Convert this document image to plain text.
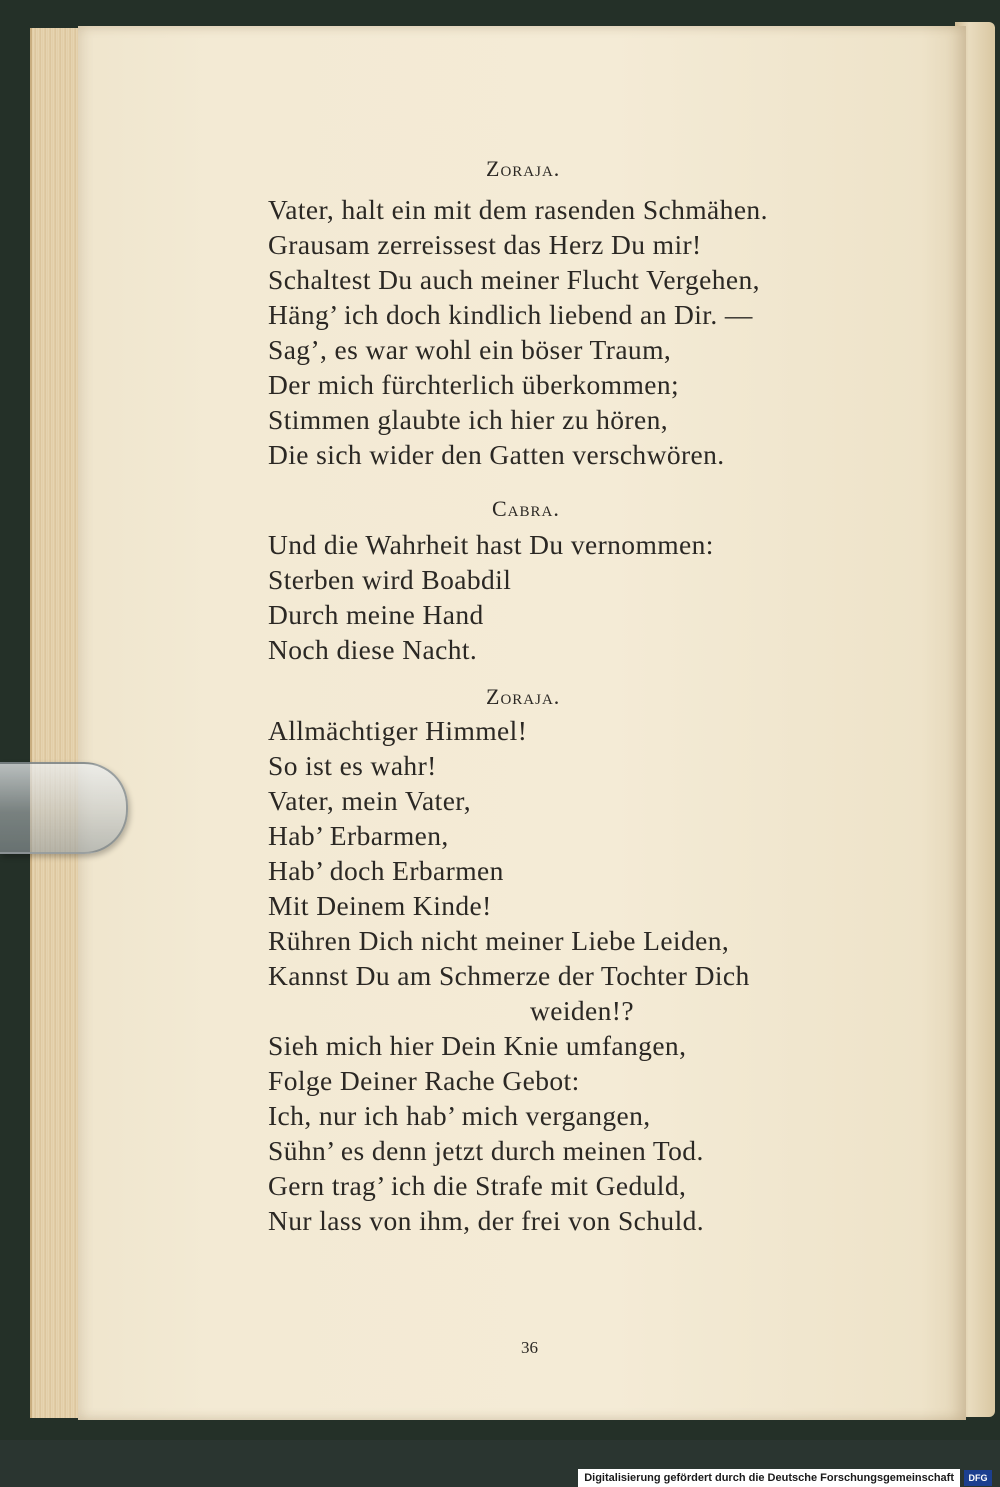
Zoraja.
Vater, halt ein mit dem rasenden Schmähen.
Grausam zerreissest das Herz Du mir!
Schaltest Du auch meiner Flucht Vergehen,
Häng’ ich doch kindlich liebend an Dir. —
Sag’, es war wohl ein böser Traum,
Der mich fürchterlich überkommen;
Stimmen glaubte ich hier zu hören,
Die sich wider den Gatten verschwören.
Cabra.
Und die Wahrheit hast Du vernommen:
Sterben wird Boabdil
Durch meine Hand
Noch diese Nacht.
Zoraja.
Allmächtiger Himmel!
So ist es wahr!
Vater, mein Vater,
Hab’ Erbarmen,
Hab’ doch Erbarmen
Mit Deinem Kinde!
Rühren Dich nicht meiner Liebe Leiden,
Kannst Du am Schmerze der Tochter Dich
weiden!?
Sieh mich hier Dein Knie umfangen,
Folge Deiner Rache Gebot:
Ich, nur ich hab’ mich vergangen,
Sühn’ es denn jetzt durch meinen Tod.
Gern trag’ ich die Strafe mit Geduld,
Nur lass von ihm, der frei von Schuld.
36
Digitalisierung gefördert durch die Deutsche Forschungsgemeinschaft	DFG
